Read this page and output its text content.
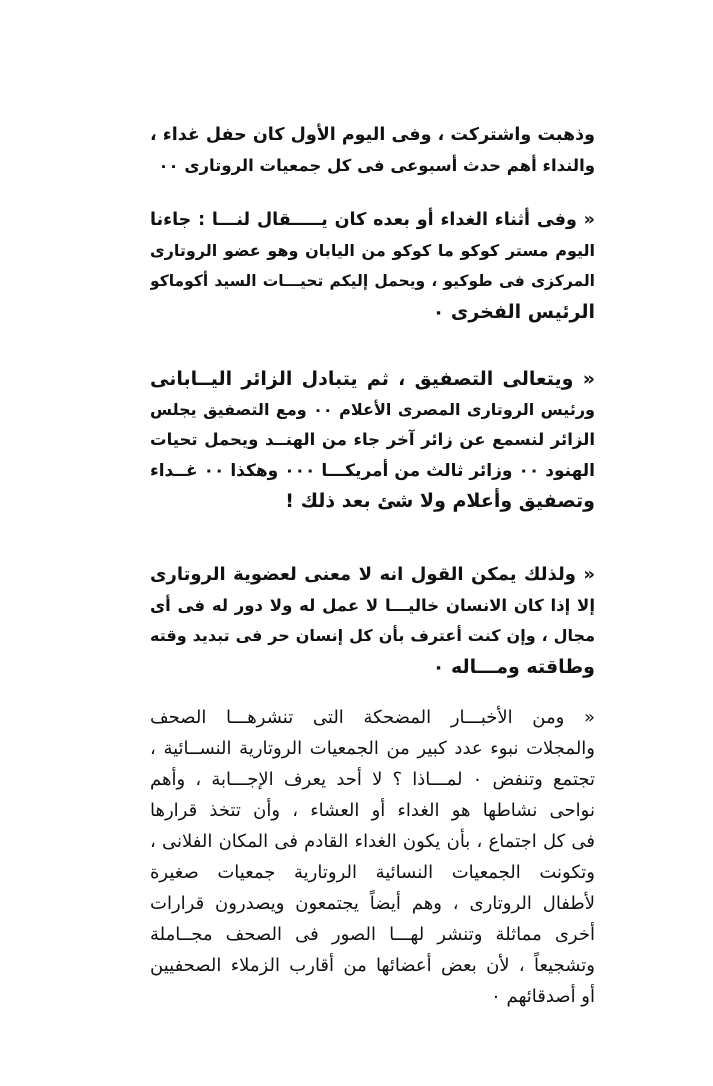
وذهبت واشتركت ، وفى اليوم الأول كان حفل غداء ،
والنداء أهم حدث أسبوعى فى كل جمعيات الروتارى ٠٠
« وفى أثناء الغداء أو بعده كان يـــــقال لنـــا : جاءنا
اليوم مستر كوكو ما كوكو من اليابان وهو عضو الروتارى
المركزى فى طوكيو ، ويحمل إليكم تحيـــات السيد أكوماكو
الرئيس الفخرى ٠
« ويتعالى التصفيق ، ثم يتبادل الزائر اليــابانى
ورئيس الروتارى المصرى الأعلام ٠٠ ومع التصفيق يجلس
الزائر لنسمع عن زائر آخر جاء من الهنــد ويحمل تحيات
الهنود ٠٠ وزائر ثالث من أمريكـــا ٠٠٠ وهكذا ٠٠ غــداء
وتصفيق وأعلام ولا شئ بعد ذلك !
« ولذلك يمكن القول انه لا معنى لعضوية الروتارى
إلا إذا كان الانسان خاليـــا لا عمل له ولا دور له فى أى
مجال ، وإن كنت أعترف بأن كل إنسان حر فى تبديد وقته
وطاقته ومـــاله ٠
« ومن الأخبـــار المضحكة التى تنشرهـــا الصحف
والمجلات نبوء عدد كبير من الجمعيات الروتارية النســائية ،
تجتمع وتنفض ٠ لمـــاذا ؟ لا أحد يعرف الإجـــابة ، وأهم
نواحى نشاطها هو الغداء أو العشاء ، وأن تتخذ قرارها
فى كل اجتماع ، بأن يكون الغداء القادم فى المكان الفلانى ،
وتكونت الجمعيات النسائية الروتارية جمعيات صغيرة
لأطفال الروتارى ، وهم أيضاً يجتمعون ويصدرون قرارات
أخرى مماثلة وتنشر لهـــا الصور فى الصحف مجــاملة
وتشجيعاً ، لأن بعض أعضائها من أقارب الزملاء الصحفيين
أو أصدقائهم ٠
